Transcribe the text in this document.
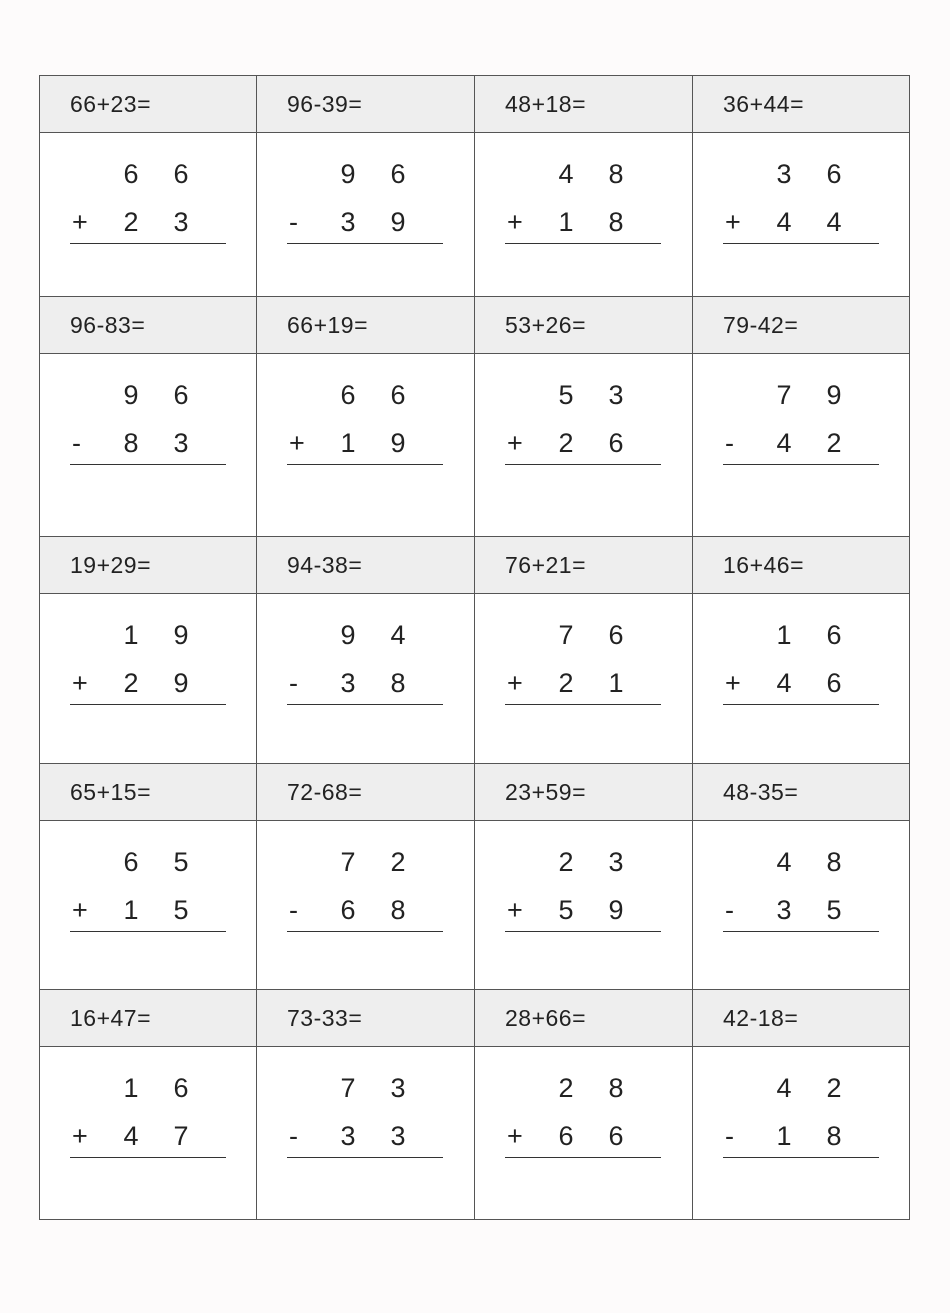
66+23=
6	6
+	2	3
96-39=
9	6
-	3	9
48+18=
4	8
+	1	8
36+44=
3	6
+	4	4
96-83=
9	6
-	8	3
66+19=
6	6
+	1	9
53+26=
5	3
+	2	6
79-42=
7	9
-	4	2
19+29=
1	9
+	2	9
94-38=
9	4
-	3	8
76+21=
7	6
+	2	1
16+46=
1	6
+	4	6
65+15=
6	5
+	1	5
72-68=
7	2
-	6	8
23+59=
2	3
+	5	9
48-35=
4	8
-	3	5
16+47=
1	6
+	4	7
73-33=
7	3
-	3	3
28+66=
2	8
+	6	6
42-18=
4	2
-	1	8
